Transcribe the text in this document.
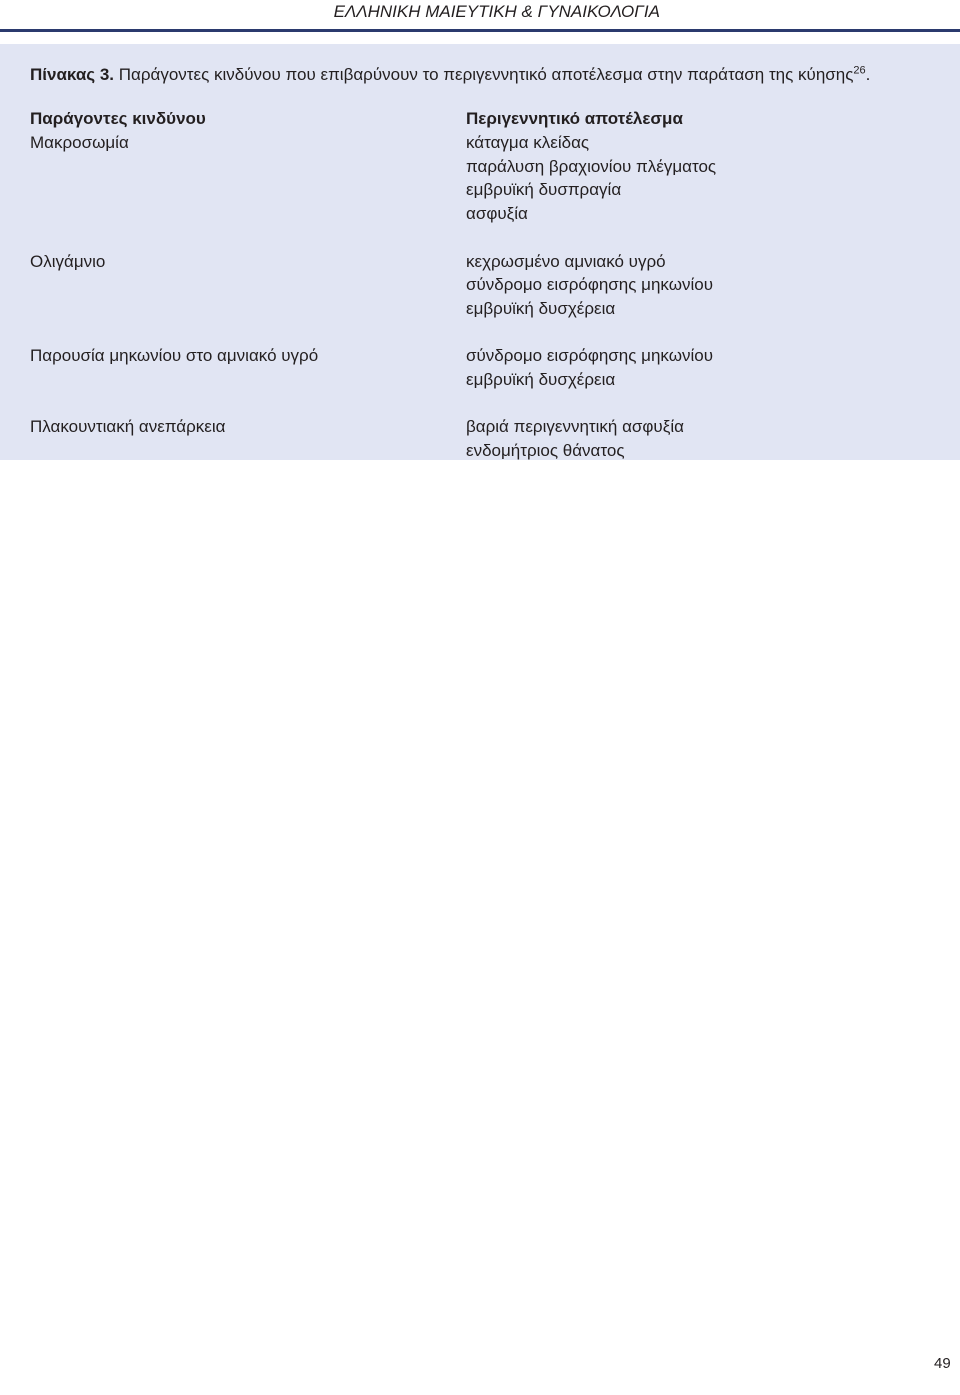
ΕΛΛΗΝΙΚΗ ΜΑΙΕΥΤΙΚΗ & ΓΥΝΑΙΚΟΛΟΓΙΑ
Πίνακας 3. Παράγοντες κινδύνου που επιβαρύνουν το περιγεννητικό αποτέλεσμα στην παράταση της κύησης$^{26}$.
Παράγοντες κινδύνου
Μακροσωμία

Ολιγάμνιο

Παρουσία μηκωνίου στο αμνιακό υγρό

Πλακουντιακή ανεπάρκεια
Περιγεννητικό αποτέλεσμα
κάταγμα κλείδας
παράλυση βραχιονίου πλέγματος
εμβρυϊκή δυσπραγία
ασφυξία

κεχρωσμένο αμνιακό υγρό
σύνδρομο εισρόφησης μηκωνίου
εμβρυϊκή δυσχέρεια

σύνδρομο εισρόφησης μηκωνίου
εμβρυϊκή δυσχέρεια

βαριά περιγεννητική ασφυξία
ενδομήτριος θάνατος
49
